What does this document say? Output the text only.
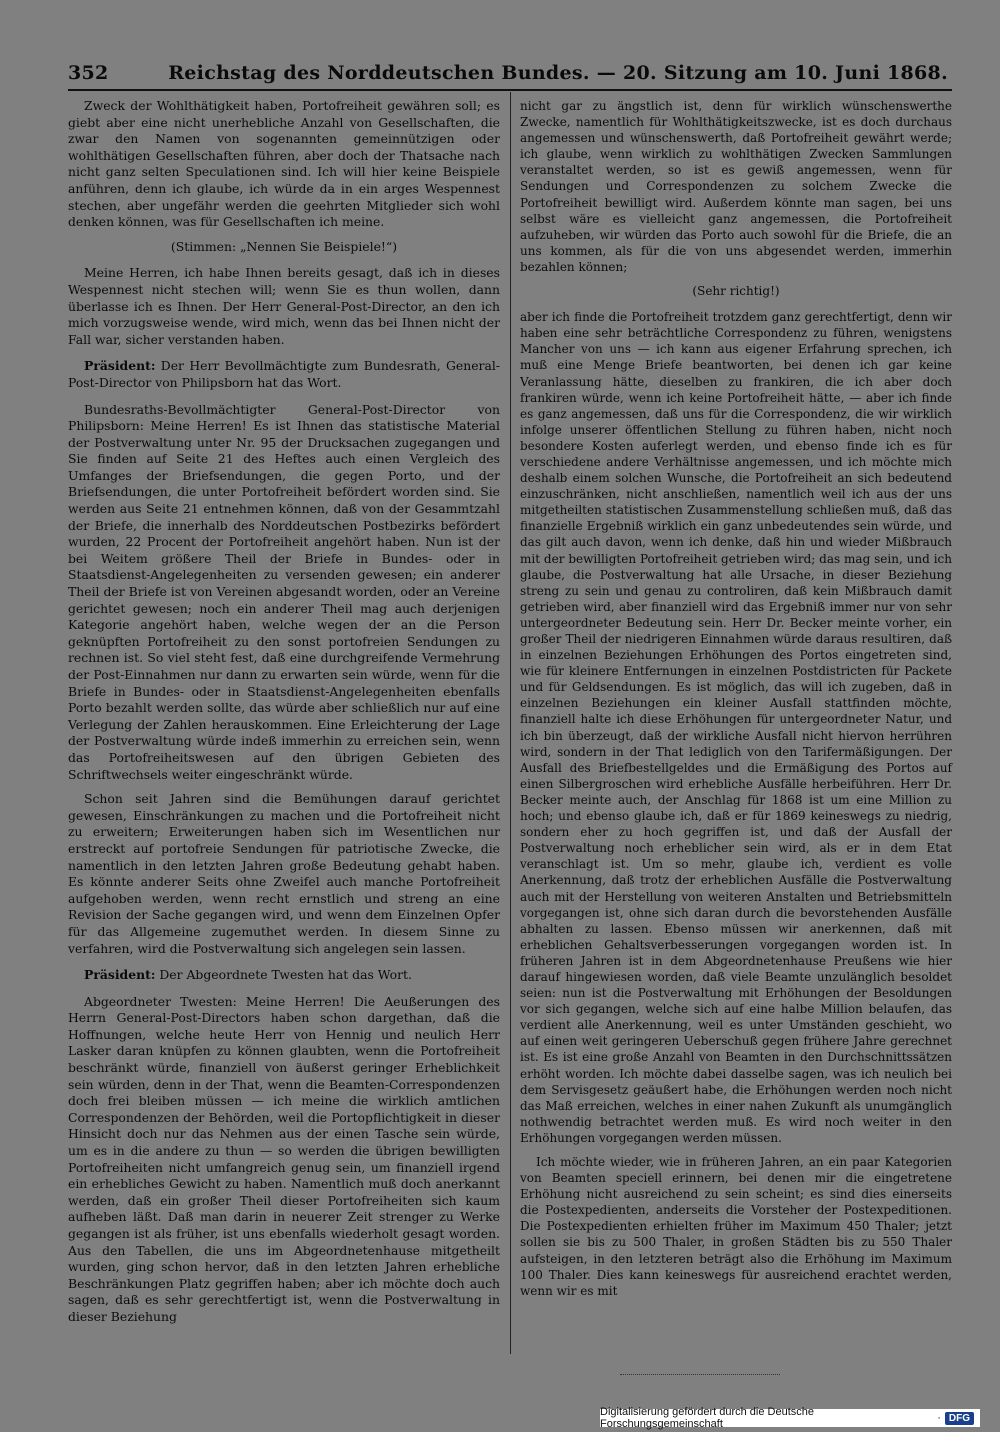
352	Reichstag des Norddeutschen Bundes. — 20. Sitzung am 10. Juni 1868.

Zweck der Wohlthätigkeit haben, Portofreiheit gewähren soll; es giebt aber eine nicht unerhebliche Anzahl von Gesellschaften, die zwar den Namen von sogenannten gemeinnützigen oder wohlthätigen Gesellschaften führen, aber doch der Thatsache nach nicht ganz selten Speculationen sind. Ich will hier keine Beispiele anführen, denn ich glaube, ich würde da in ein arges Wespennest stechen, aber ungefähr werden die geehrten Mitglieder sich wohl denken können, was für Gesellschaften ich meine.

(Stimmen: „Nennen Sie Beispiele!“)

Meine Herren, ich habe Ihnen bereits gesagt, daß ich in dieses Wespennest nicht stechen will; wenn Sie es thun wollen, dann überlasse ich es Ihnen. Der Herr General-Post-Director, an den ich mich vorzugsweise wende, wird mich, wenn das bei Ihnen nicht der Fall war, sicher verstanden haben.

Präsident: Der Herr Bevollmächtigte zum Bundesrath, General-Post-Director von Philipsborn hat das Wort.

Bundesraths-Bevollmächtigter General-Post-Director von Philipsborn: Meine Herren! Es ist Ihnen das statistische Material der Postverwaltung unter Nr. 95 der Drucksachen zugegangen und Sie finden auf Seite 21 des Heftes auch einen Vergleich des Umfanges der Briefsendungen, die gegen Porto, und der Briefsendungen, die unter Portofreiheit befördert worden sind. Sie werden aus Seite 21 entnehmen können, daß von der Gesammtzahl der Briefe, die innerhalb des Norddeutschen Postbezirks befördert wurden, 22 Procent der Portofreiheit angehört haben. Nun ist der bei Weitem größere Theil der Briefe in Bundes- oder in Staatsdienst-Angelegenheiten zu versenden gewesen; ein anderer Theil der Briefe ist von Vereinen abgesandt worden, oder an Vereine gerichtet gewesen; noch ein anderer Theil mag auch derjenigen Kategorie angehört haben, welche wegen der an die Person geknüpften Portofreiheit zu den sonst portofreien Sendungen zu rechnen ist. So viel steht fest, daß eine durchgreifende Vermehrung der Post-Einnahmen nur dann zu erwarten sein würde, wenn für die Briefe in Bundes- oder in Staatsdienst-Angelegenheiten ebenfalls Porto bezahlt werden sollte, das würde aber schließlich nur auf eine Verlegung der Zahlen herauskommen. Eine Erleichterung der Lage der Postverwaltung würde indeß immerhin zu erreichen sein, wenn das Portofreiheitswesen auf den übrigen Gebieten des Schriftwechsels weiter eingeschränkt würde.

Schon seit Jahren sind die Bemühungen darauf gerichtet gewesen, Einschränkungen zu machen und die Portofreiheit nicht zu erweitern; Erweiterungen haben sich im Wesentlichen nur erstreckt auf portofreie Sendungen für patriotische Zwecke, die namentlich in den letzten Jahren große Bedeutung gehabt haben. Es könnte anderer Seits ohne Zweifel auch manche Portofreiheit aufgehoben werden, wenn recht ernstlich und streng an eine Revision der Sache gegangen wird, und wenn dem Einzelnen Opfer für das Allgemeine zugemuthet werden. In diesem Sinne zu verfahren, wird die Postverwaltung sich angelegen sein lassen.

Präsident: Der Abgeordnete Twesten hat das Wort.

Abgeordneter Twesten: Meine Herren! Die Aeußerungen des Herrn General-Post-Directors haben schon dargethan, daß die Hoffnungen, welche heute Herr von Hennig und neulich Herr Lasker daran knüpfen zu können glaubten, wenn die Portofreiheit beschränkt würde, finanziell von äußerst geringer Erheblichkeit sein würden, denn in der That, wenn die Beamten-Correspondenzen doch frei bleiben müssen — ich meine die wirklich amtlichen Correspondenzen der Behörden, weil die Portopflichtigkeit in dieser Hinsicht doch nur das Nehmen aus der einen Tasche sein würde, um es in die andere zu thun — so werden die übrigen bewilligten Portofreiheiten nicht umfangreich genug sein, um finanziell irgend ein erhebliches Gewicht zu haben. Namentlich muß doch anerkannt werden, daß ein großer Theil dieser Portofreiheiten sich kaum aufheben läßt. Daß man darin in neuerer Zeit strenger zu Werke gegangen ist als früher, ist uns ebenfalls wiederholt gesagt worden. Aus den Tabellen, die uns im Abgeordnetenhause mitgetheilt wurden, ging schon hervor, daß in den letzten Jahren erhebliche Beschränkungen Platz gegriffen haben; aber ich möchte doch auch sagen, daß es sehr gerechtfertigt ist, wenn die Postverwaltung in dieser Beziehung

nicht gar zu ängstlich ist, denn für wirklich wünschenswerthe Zwecke, namentlich für Wohlthätigkeitszwecke, ist es doch durchaus angemessen und wünschenswerth, daß Portofreiheit gewährt werde; ich glaube, wenn wirklich zu wohlthätigen Zwecken Sammlungen veranstaltet werden, so ist es gewiß angemessen, wenn für Sendungen und Correspondenzen zu solchem Zwecke die Portofreiheit bewilligt wird. Außerdem könnte man sagen, bei uns selbst wäre es vielleicht ganz angemessen, die Portofreiheit aufzuheben, wir würden das Porto auch sowohl für die Briefe, die an uns kommen, als für die von uns abgesendet werden, immerhin bezahlen können;

(Sehr richtig!)

aber ich finde die Portofreiheit trotzdem ganz gerechtfertigt, denn wir haben eine sehr beträchtliche Correspondenz zu führen, wenigstens Mancher von uns — ich kann aus eigener Erfahrung sprechen, ich muß eine Menge Briefe beantworten, bei denen ich gar keine Veranlassung hätte, dieselben zu frankiren, die ich aber doch frankiren würde, wenn ich keine Portofreiheit hätte, — aber ich finde es ganz angemessen, daß uns für die Correspondenz, die wir wirklich infolge unserer öffentlichen Stellung zu führen haben, nicht noch besondere Kosten auferlegt werden, und ebenso finde ich es für verschiedene andere Verhältnisse angemessen, und ich möchte mich deshalb einem solchen Wunsche, die Portofreiheit an sich bedeutend einzuschränken, nicht anschließen, namentlich weil ich aus der uns mitgetheilten statistischen Zusammenstellung schließen muß, daß das finanzielle Ergebniß wirklich ein ganz unbedeutendes sein würde, und das gilt auch davon, wenn ich denke, daß hin und wieder Mißbrauch mit der bewilligten Portofreiheit getrieben wird; das mag sein, und ich glaube, die Postverwaltung hat alle Ursache, in dieser Beziehung streng zu sein und genau zu controliren, daß kein Mißbrauch damit getrieben wird, aber finanziell wird das Ergebniß immer nur von sehr untergeordneter Bedeutung sein. Herr Dr. Becker meinte vorher, ein großer Theil der niedrigeren Einnahmen würde daraus resultiren, daß in einzelnen Beziehungen Erhöhungen des Portos eingetreten sind, wie für kleinere Entfernungen in einzelnen Postdistricten für Packete und für Geldsendungen. Es ist möglich, das will ich zugeben, daß in einzelnen Beziehungen ein kleiner Ausfall stattfinden möchte, finanziell halte ich diese Erhöhungen für untergeordneter Natur, und ich bin überzeugt, daß der wirkliche Ausfall nicht hiervon herrühren wird, sondern in der That lediglich von den Tarifermäßigungen. Der Ausfall des Briefbestellgeldes und die Ermäßigung des Portos auf einen Silbergroschen wird erhebliche Ausfälle herbeiführen. Herr Dr. Becker meinte auch, der Anschlag für 1868 ist um eine Million zu hoch; und ebenso glaube ich, daß er für 1869 keineswegs zu niedrig, sondern eher zu hoch gegriffen ist, und daß der Ausfall der Postverwaltung noch erheblicher sein wird, als er in dem Etat veranschlagt ist. Um so mehr, glaube ich, verdient es volle Anerkennung, daß trotz der erheblichen Ausfälle die Postverwaltung auch mit der Herstellung von weiteren Anstalten und Betriebsmitteln vorgegangen ist, ohne sich daran durch die bevorstehenden Ausfälle abhalten zu lassen. Ebenso müssen wir anerkennen, daß mit erheblichen Gehaltsverbesserungen vorgegangen worden ist. In früheren Jahren ist in dem Abgeordnetenhause Preußens wie hier darauf hingewiesen worden, daß viele Beamte unzulänglich besoldet seien: nun ist die Postverwaltung mit Erhöhungen der Besoldungen vor sich gegangen, welche sich auf eine halbe Million belaufen, das verdient alle Anerkennung, weil es unter Umständen geschieht, wo auf einen weit geringeren Ueberschuß gegen frühere Jahre gerechnet ist. Es ist eine große Anzahl von Beamten in den Durchschnittssätzen erhöht worden. Ich möchte dabei dasselbe sagen, was ich neulich bei dem Servisgesetz geäußert habe, die Erhöhungen werden noch nicht das Maß erreichen, welches in einer nahen Zukunft als unumgänglich nothwendig betrachtet werden muß. Es wird noch weiter in den Erhöhungen vorgegangen werden müssen.

Ich möchte wieder, wie in früheren Jahren, an ein paar Kategorien von Beamten speciell erinnern, bei denen mir die eingetretene Erhöhung nicht ausreichend zu sein scheint; es sind dies einerseits die Postexpedienten, anderseits die Vorsteher der Postexpeditionen. Die Postexpedienten erhielten früher im Maximum 450 Thaler; jetzt sollen sie bis zu 500 Thaler, in großen Städten bis zu 550 Thaler aufsteigen, in den letzteren beträgt also die Erhöhung im Maximum 100 Thaler. Dies kann keineswegs für ausreichend erachtet werden, wenn wir es mit

Digitalisierung gefördert durch die Deutsche Forschungsgemeinschaft	· DFG
